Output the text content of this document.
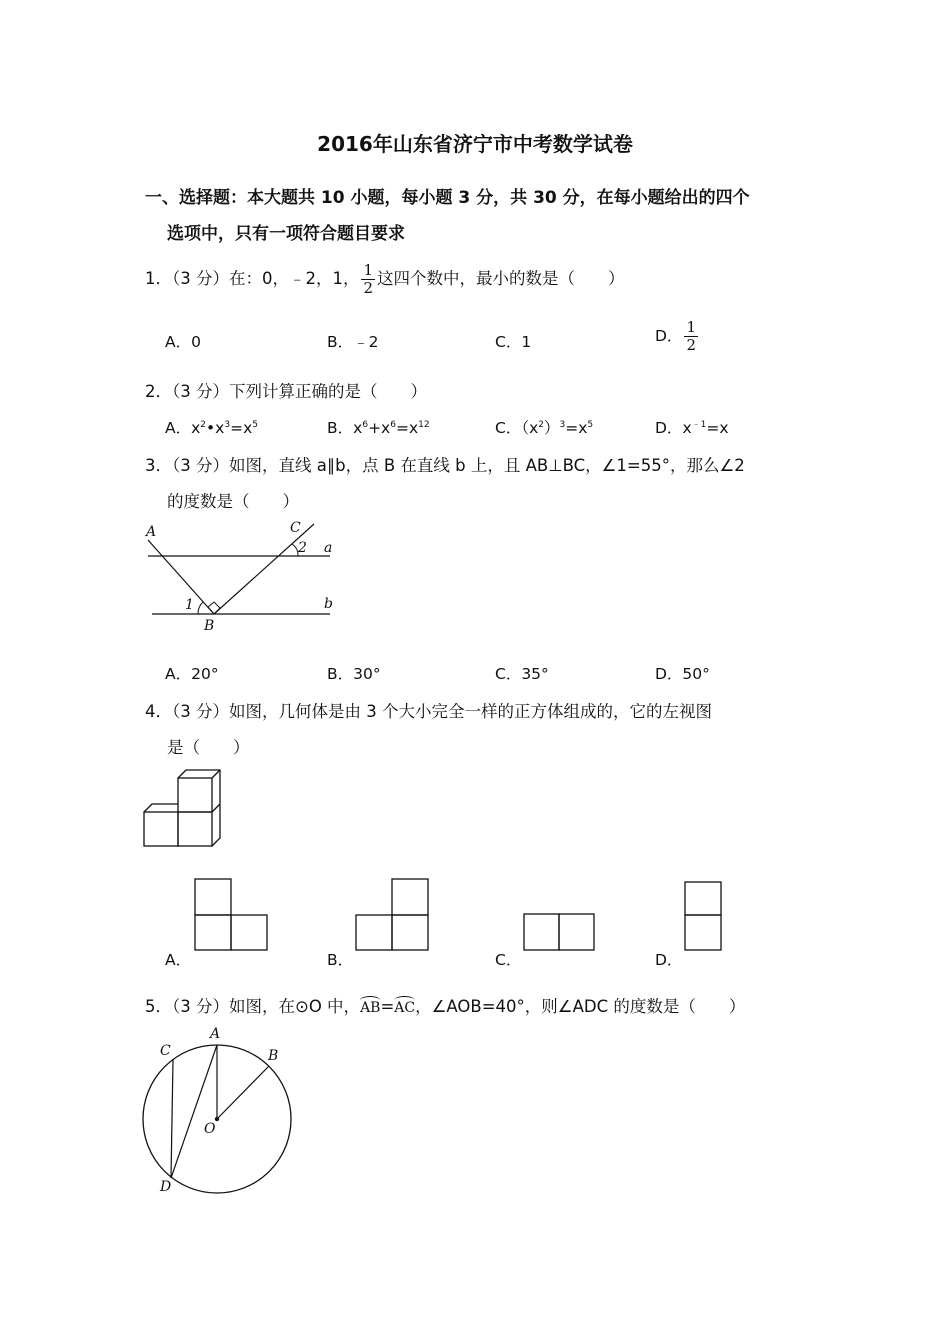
2016年山东省济宁市中考数学试卷
一、选择题：本大题共 10 小题，每小题 3 分，共 30 分，在每小题给出的四个
选项中，只有一项符合题目要求
1．（3 分）在：0，﹣2，1， $\frac{1}{2}$ 这四个数中，最小的数是（　　）
A．0	B．﹣2	C．1	D． $\frac{1}{2}$
2．（3 分）下列计算正确的是（　　）
A．$x^2•x^3=x^5$	B．$x^6+x^6=x^{12}$	C．$(x^2)^3=x^5$	D．$x^{﹣1}=x$
3．（3 分）如图，直线 a∥b，点 B 在直线 b 上，且 AB⊥BC，∠1=55°，那么∠2
的度数是（　　）
A	C
2 a
1
B
b
A．20°	B．30°	C．35°	D．50°
4．（3 分）如图，几何体是由 3 个大小完全一样的正方体组成的，它的左视图
是（　　）
A．	B．	C．	D．
5．（3 分）如图，在⊙O 中，AB=AC，∠AOB=40°，则∠ADC 的度数是（　　）
A
B
C
O
D
